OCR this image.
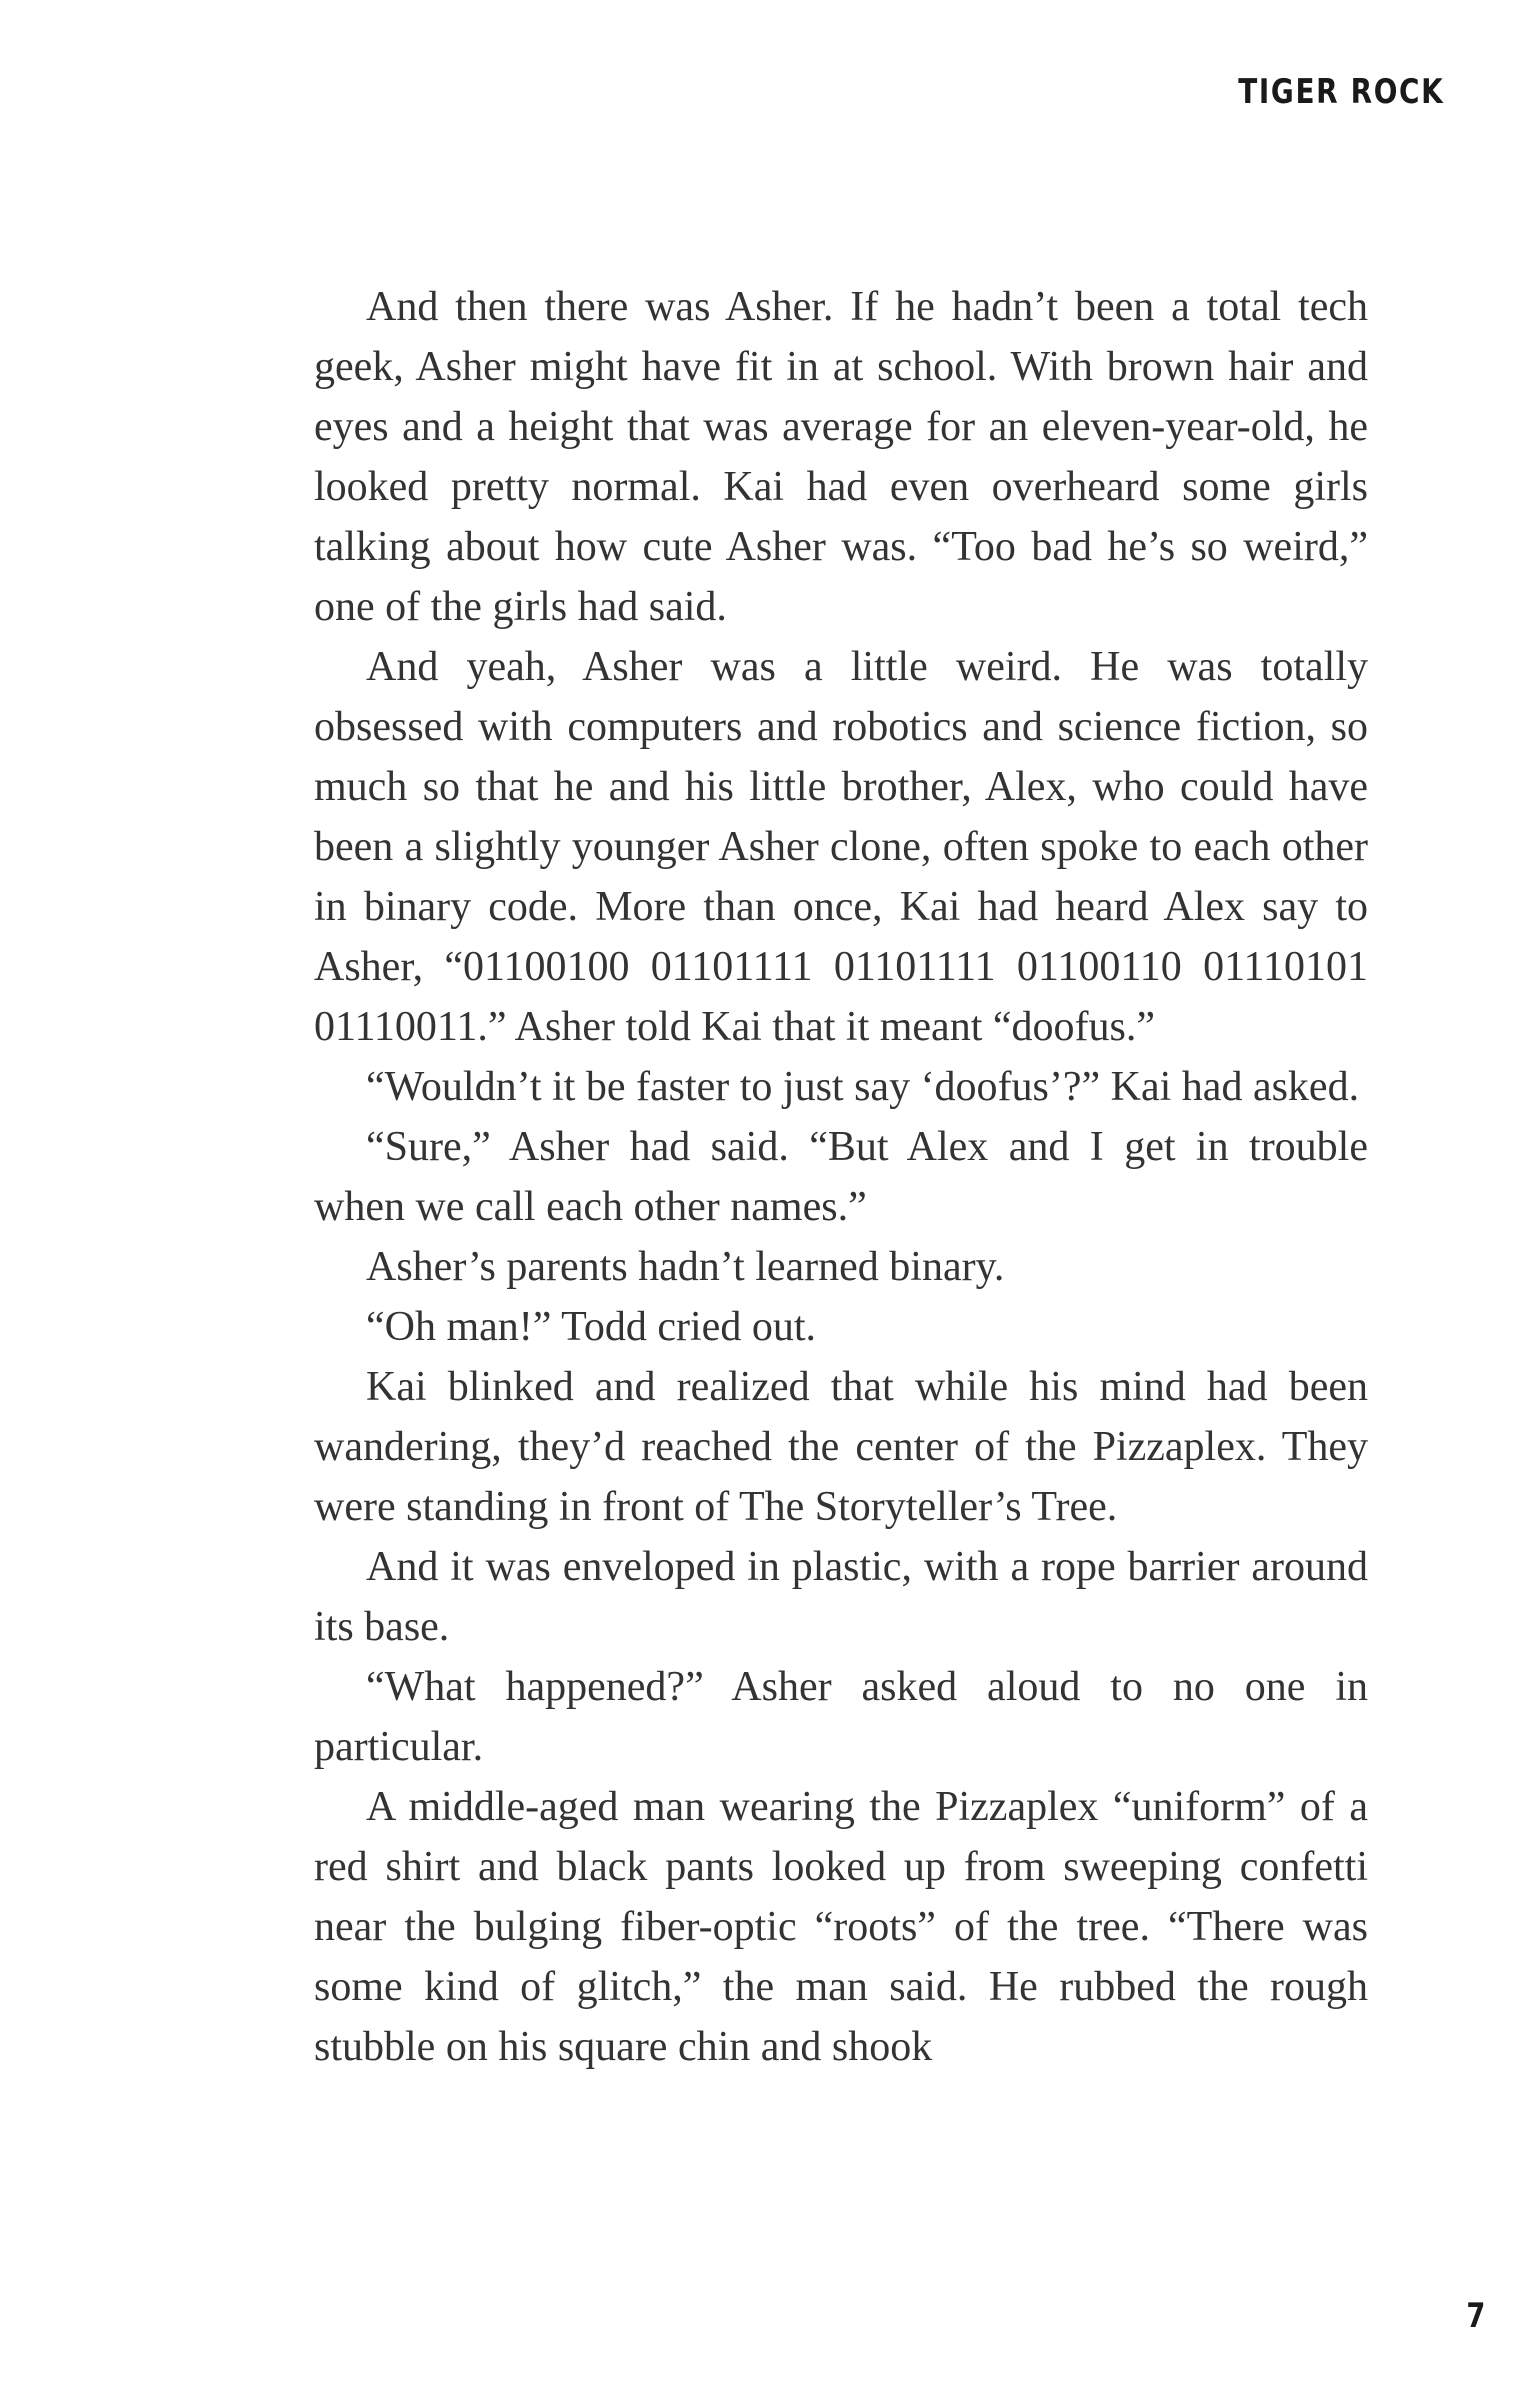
TIGER ROCK

And then there was Asher. If he hadn’t been a total tech geek, Asher might have fit in at school. With brown hair and eyes and a height that was average for an eleven-year-old, he looked pretty normal. Kai had even overheard some girls talking about how cute Asher was. “Too bad he’s so weird,” one of the girls had said.

And yeah, Asher was a little weird. He was totally obsessed with computers and robotics and science fiction, so much so that he and his little brother, Alex, who could have been a slightly younger Asher clone, often spoke to each other in binary code. More than once, Kai had heard Alex say to Asher, “01100100 01101111 01101111 01100110 01110101 01110011.” Asher told Kai that it meant “doofus.”

“Wouldn’t it be faster to just say ‘doofus’?” Kai had asked.

“Sure,” Asher had said. “But Alex and I get in trouble when we call each other names.”

Asher’s parents hadn’t learned binary.

“Oh man!” Todd cried out.

Kai blinked and realized that while his mind had been wandering, they’d reached the center of the Pizzaplex. They were standing in front of The Storyteller’s Tree.

And it was enveloped in plastic, with a rope barrier around its base.

“What happened?” Asher asked aloud to no one in particular.

A middle-aged man wearing the Pizzaplex “uniform” of a red shirt and black pants looked up from sweeping confetti near the bulging fiber-optic “roots” of the tree. “There was some kind of glitch,” the man said. He rubbed the rough stubble on his square chin and shook

7
